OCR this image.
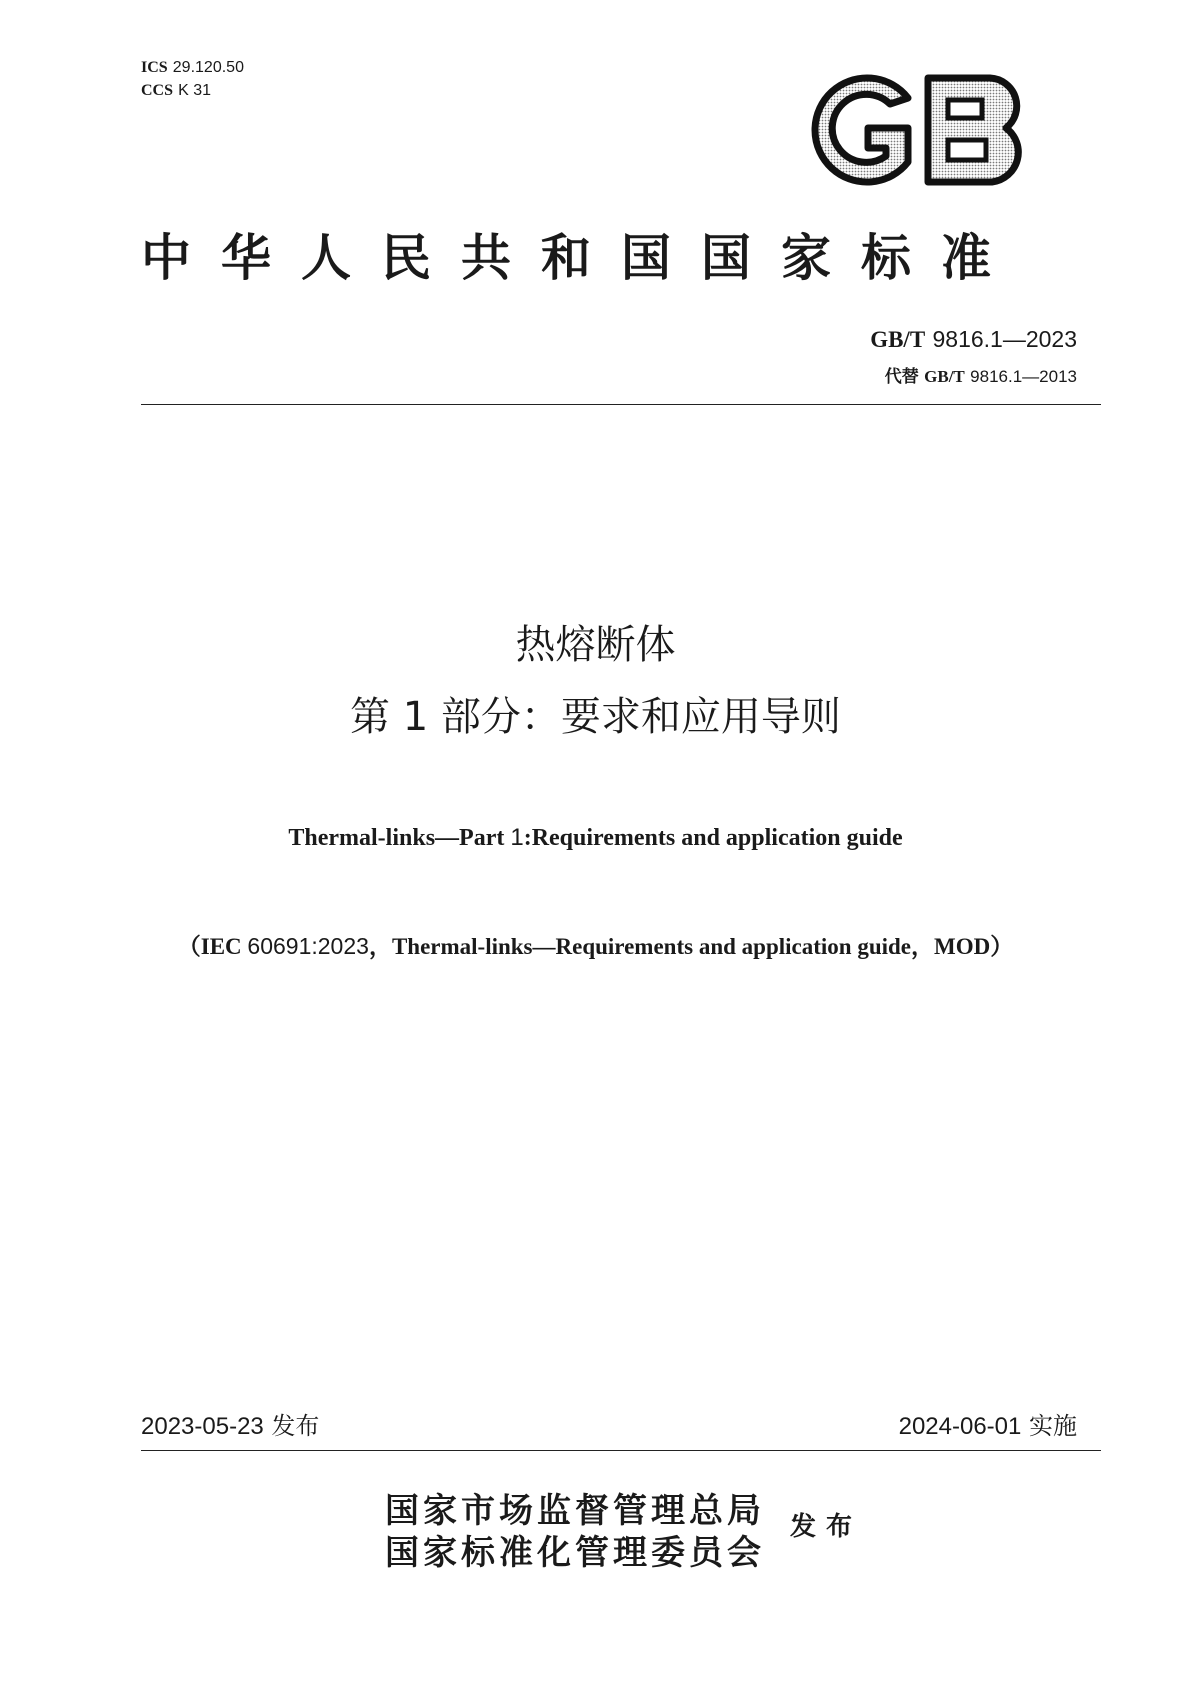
ICS 29.120.50
CCS K 31
中华人民共和国国家标准
GB/T 9816.1—2023
代替 GB/T 9816.1—2013
热熔断体
第 1 部分：要求和应用导则
Thermal-links—Part 1:Requirements and application guide
（IEC 60691:2023，Thermal-links—Requirements and application guide，MOD）
2023-05-23 发布	2024-06-01 实施
国家市场监督管理总局
国家标准化管理委员会
发布
